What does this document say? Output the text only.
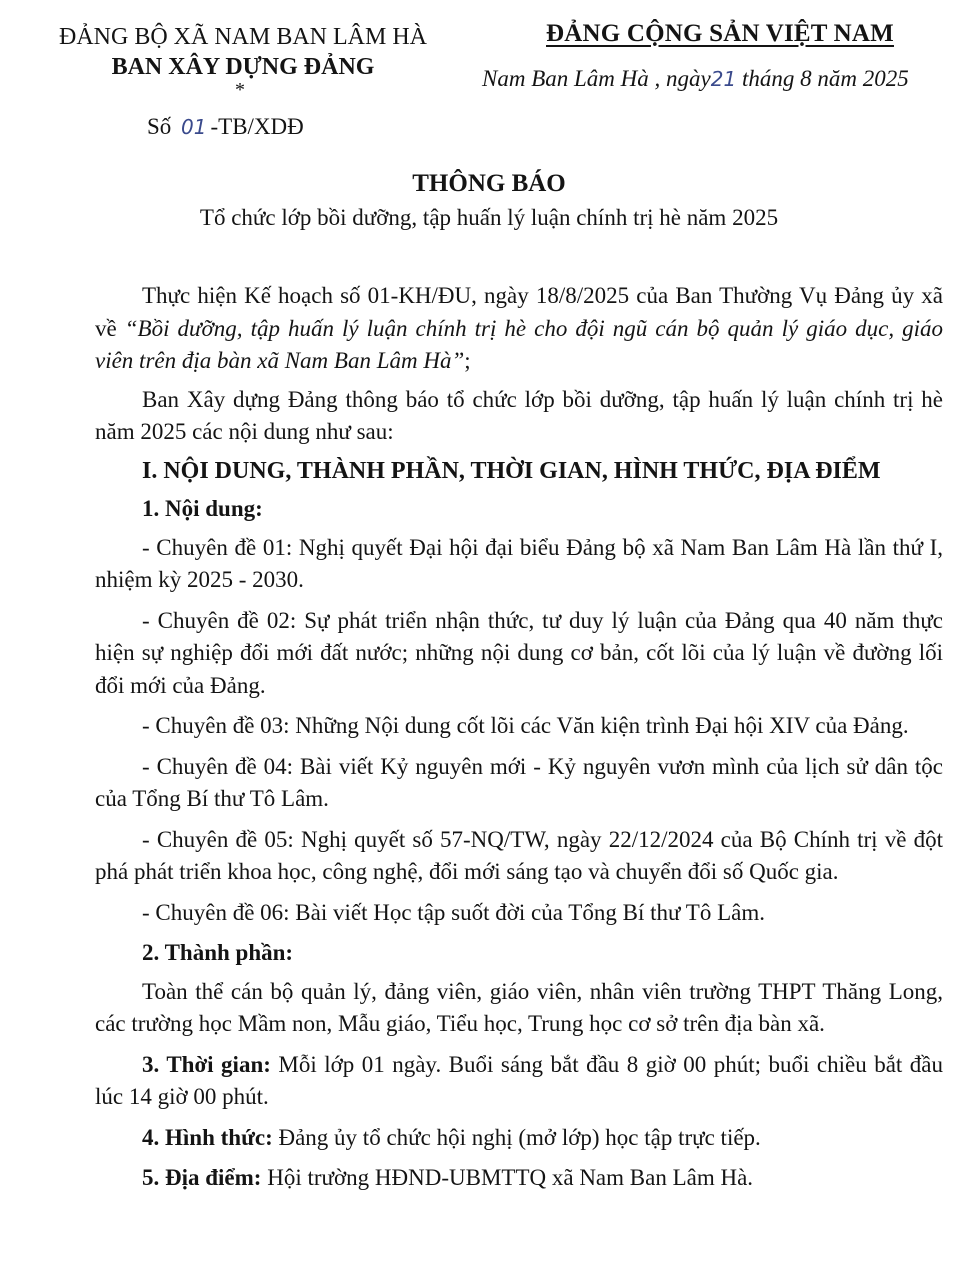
ĐẢNG BỘ XÃ NAM BAN LÂM HÀ
BAN XÂY DỰNG ĐẢNG
*
ĐẢNG CỘNG SẢN VIỆT NAM
Nam Ban Lâm Hà , ngày21 tháng 8 năm 2025
Số 01 -TB/XDĐ
THÔNG BÁO
Tổ chức lớp bồi dưỡng, tập huấn lý luận chính trị hè năm 2025

Thực hiện Kế hoạch số 01-KH/ĐU, ngày 18/8/2025 của Ban Thường Vụ Đảng ủy xã về “Bồi dưỡng, tập huấn lý luận chính trị hè cho đội ngũ cán bộ quản lý giáo dục, giáo viên trên địa bàn xã Nam Ban Lâm Hà”;

Ban Xây dựng Đảng thông báo tổ chức lớp bồi dưỡng, tập huấn lý luận chính trị hè năm 2025 các nội dung như sau:

I. NỘI DUNG, THÀNH PHẦN, THỜI GIAN, HÌNH THỨC, ĐỊA ĐIỂM

1. Nội dung:

- Chuyên đề 01: Nghị quyết Đại hội đại biểu Đảng bộ xã Nam Ban Lâm Hà lần thứ I, nhiệm kỳ 2025 - 2030.

- Chuyên đề 02: Sự phát triển nhận thức, tư duy lý luận của Đảng qua 40 năm thực hiện sự nghiệp đổi mới đất nước; những nội dung cơ bản, cốt lõi của lý luận về đường lối đổi mới của Đảng.

- Chuyên đề 03: Những Nội dung cốt lõi các Văn kiện trình Đại hội XIV của Đảng.

- Chuyên đề 04: Bài viết Kỷ nguyên mới - Kỷ nguyên vươn mình của lịch sử dân tộc của Tổng Bí thư Tô Lâm.

- Chuyên đề 05: Nghị quyết số 57-NQ/TW, ngày 22/12/2024 của Bộ Chính trị về đột phá phát triển khoa học, công nghệ, đổi mới sáng tạo và chuyển đổi số Quốc gia.

- Chuyên đề 06: Bài viết Học tập suốt đời của Tổng Bí thư Tô Lâm.

2. Thành phần:

Toàn thể cán bộ quản lý, đảng viên, giáo viên, nhân viên trường THPT Thăng Long, các trường học Mầm non, Mẫu giáo, Tiểu học, Trung học cơ sở trên địa bàn xã.

3. Thời gian: Mỗi lớp 01 ngày. Buổi sáng bắt đầu 8 giờ 00 phút; buổi chiều bắt đầu lúc 14 giờ 00 phút.

4. Hình thức: Đảng ủy tổ chức hội nghị (mở lớp) học tập trực tiếp.

5. Địa điểm: Hội trường HĐND-UBMTTQ xã Nam Ban Lâm Hà.
